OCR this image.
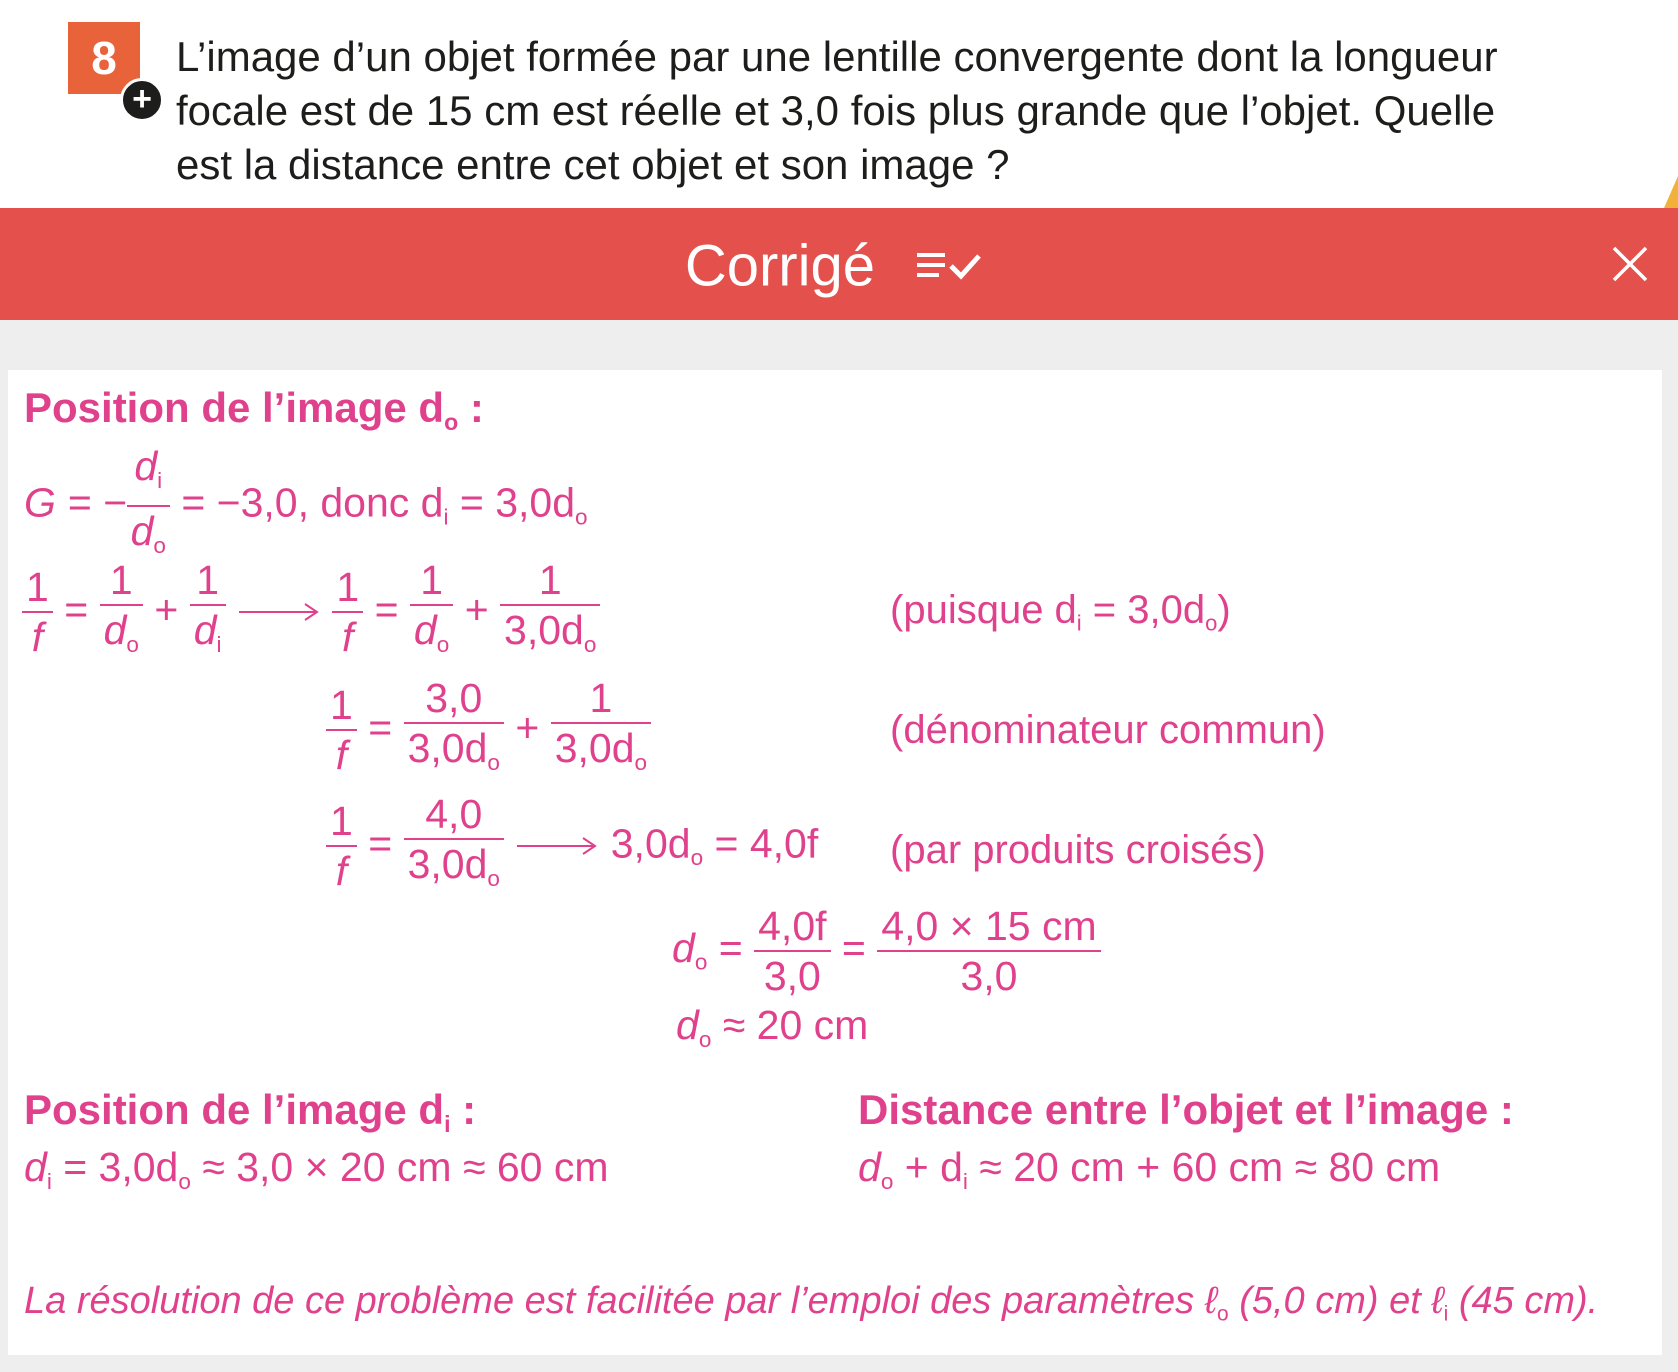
8
+
L’image d’un objet formée par une lentille convergente dont la longueur
focale est de 15 cm est réelle et 3,0 fois plus grande que l’objet. Quelle
est la distance entre cet objet et son image ?
Corrigé
Position de l’image $d_o$ :
G = − $\frac{d_i}{d_o} = -3,0$, donc $d_i = 3,0d_o$
$\frac{1}{f} = \frac{1}{d_o} + \frac{1}{d_i}$
	$\frac{1}{f} = \frac{1}{d_o} + \frac{1}{3,0d_o}$	(puisque $d_i = 3,0d_o$)
$\frac{1}{f} = \frac{3,0}{3,0d_o} + \frac{1}{3,0d_o}$	(dénominateur commun)
$\frac{1}{f} = \frac{4,0}{3,0d_o}$	$3,0d_o = 4,0f$ (par produits croisés)
$d_o = \frac{4,0f}{3,0} = \frac{4,0 \times 15 cm}{3,0}$
$d_o \approx 20$ cm
Position de l’image $d_i$ :
$d_i = 3,0d_o \approx 3,0 \times 20$ cm ≈ 60 cm
Distance entre l’objet et l’image :
$d_o + d_i \approx 20$ cm + 60 cm ≈ 80 cm
La résolution de ce problème est facilitée par l’emploi des paramètres ℓ$_o$ (5,0 cm) et ℓ$_i$ (45 cm).
